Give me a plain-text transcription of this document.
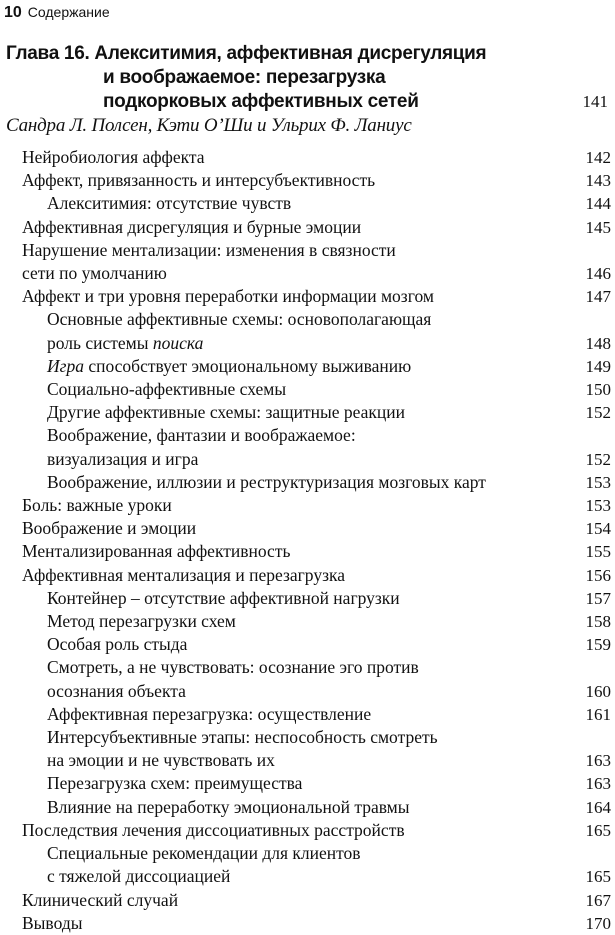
10 Содержание
Глава 16. Алекситимия, аффективная дисрегуляция
и воображаемое: перезагрузка
подкорковых аффективных сетей	141
Сандра Л. Полсен, Кэти О’Ши и Ульрих Ф. Ланиус
Нейробиология аффекта	142
Аффект, привязанность и интерсубъективность	143
Алекситимия: отсутствие чувств	144
Аффективная дисрегуляция и бурные эмоции	145
Нарушение ментализации: изменения в связности
сети по умолчанию	146
Аффект и три уровня переработки информации мозгом	147
Основные аффективные схемы: основополагающая
роль системы поиска	148
Игра способствует эмоциональному выживанию	149
Социально-аффективные схемы	150
Другие аффективные схемы: защитные реакции	152
Воображение, фантазии и воображаемое:
визуализация и игра	152
Воображение, иллюзии и реструктуризация мозговых карт	153
Боль: важные уроки	153
Воображение и эмоции	154
Ментализированная аффективность	155
Аффективная ментализация и перезагрузка	156
Контейнер – отсутствие аффективной нагрузки	157
Метод перезагрузки схем	158
Особая роль стыда	159
Смотреть, а не чувствовать: осознание эго против
осознания объекта	160
Аффективная перезагрузка: осуществление	161
Интерсубъективные этапы: неспособность смотреть
на эмоции и не чувствовать их	163
Перезагрузка схем: преимущества	163
Влияние на переработку эмоциональной травмы	164
Последствия лечения диссоциативных расстройств	165
Специальные рекомендации для клиентов
с тяжелой диссоциацией	165
Клинический случай	167
Выводы	170
